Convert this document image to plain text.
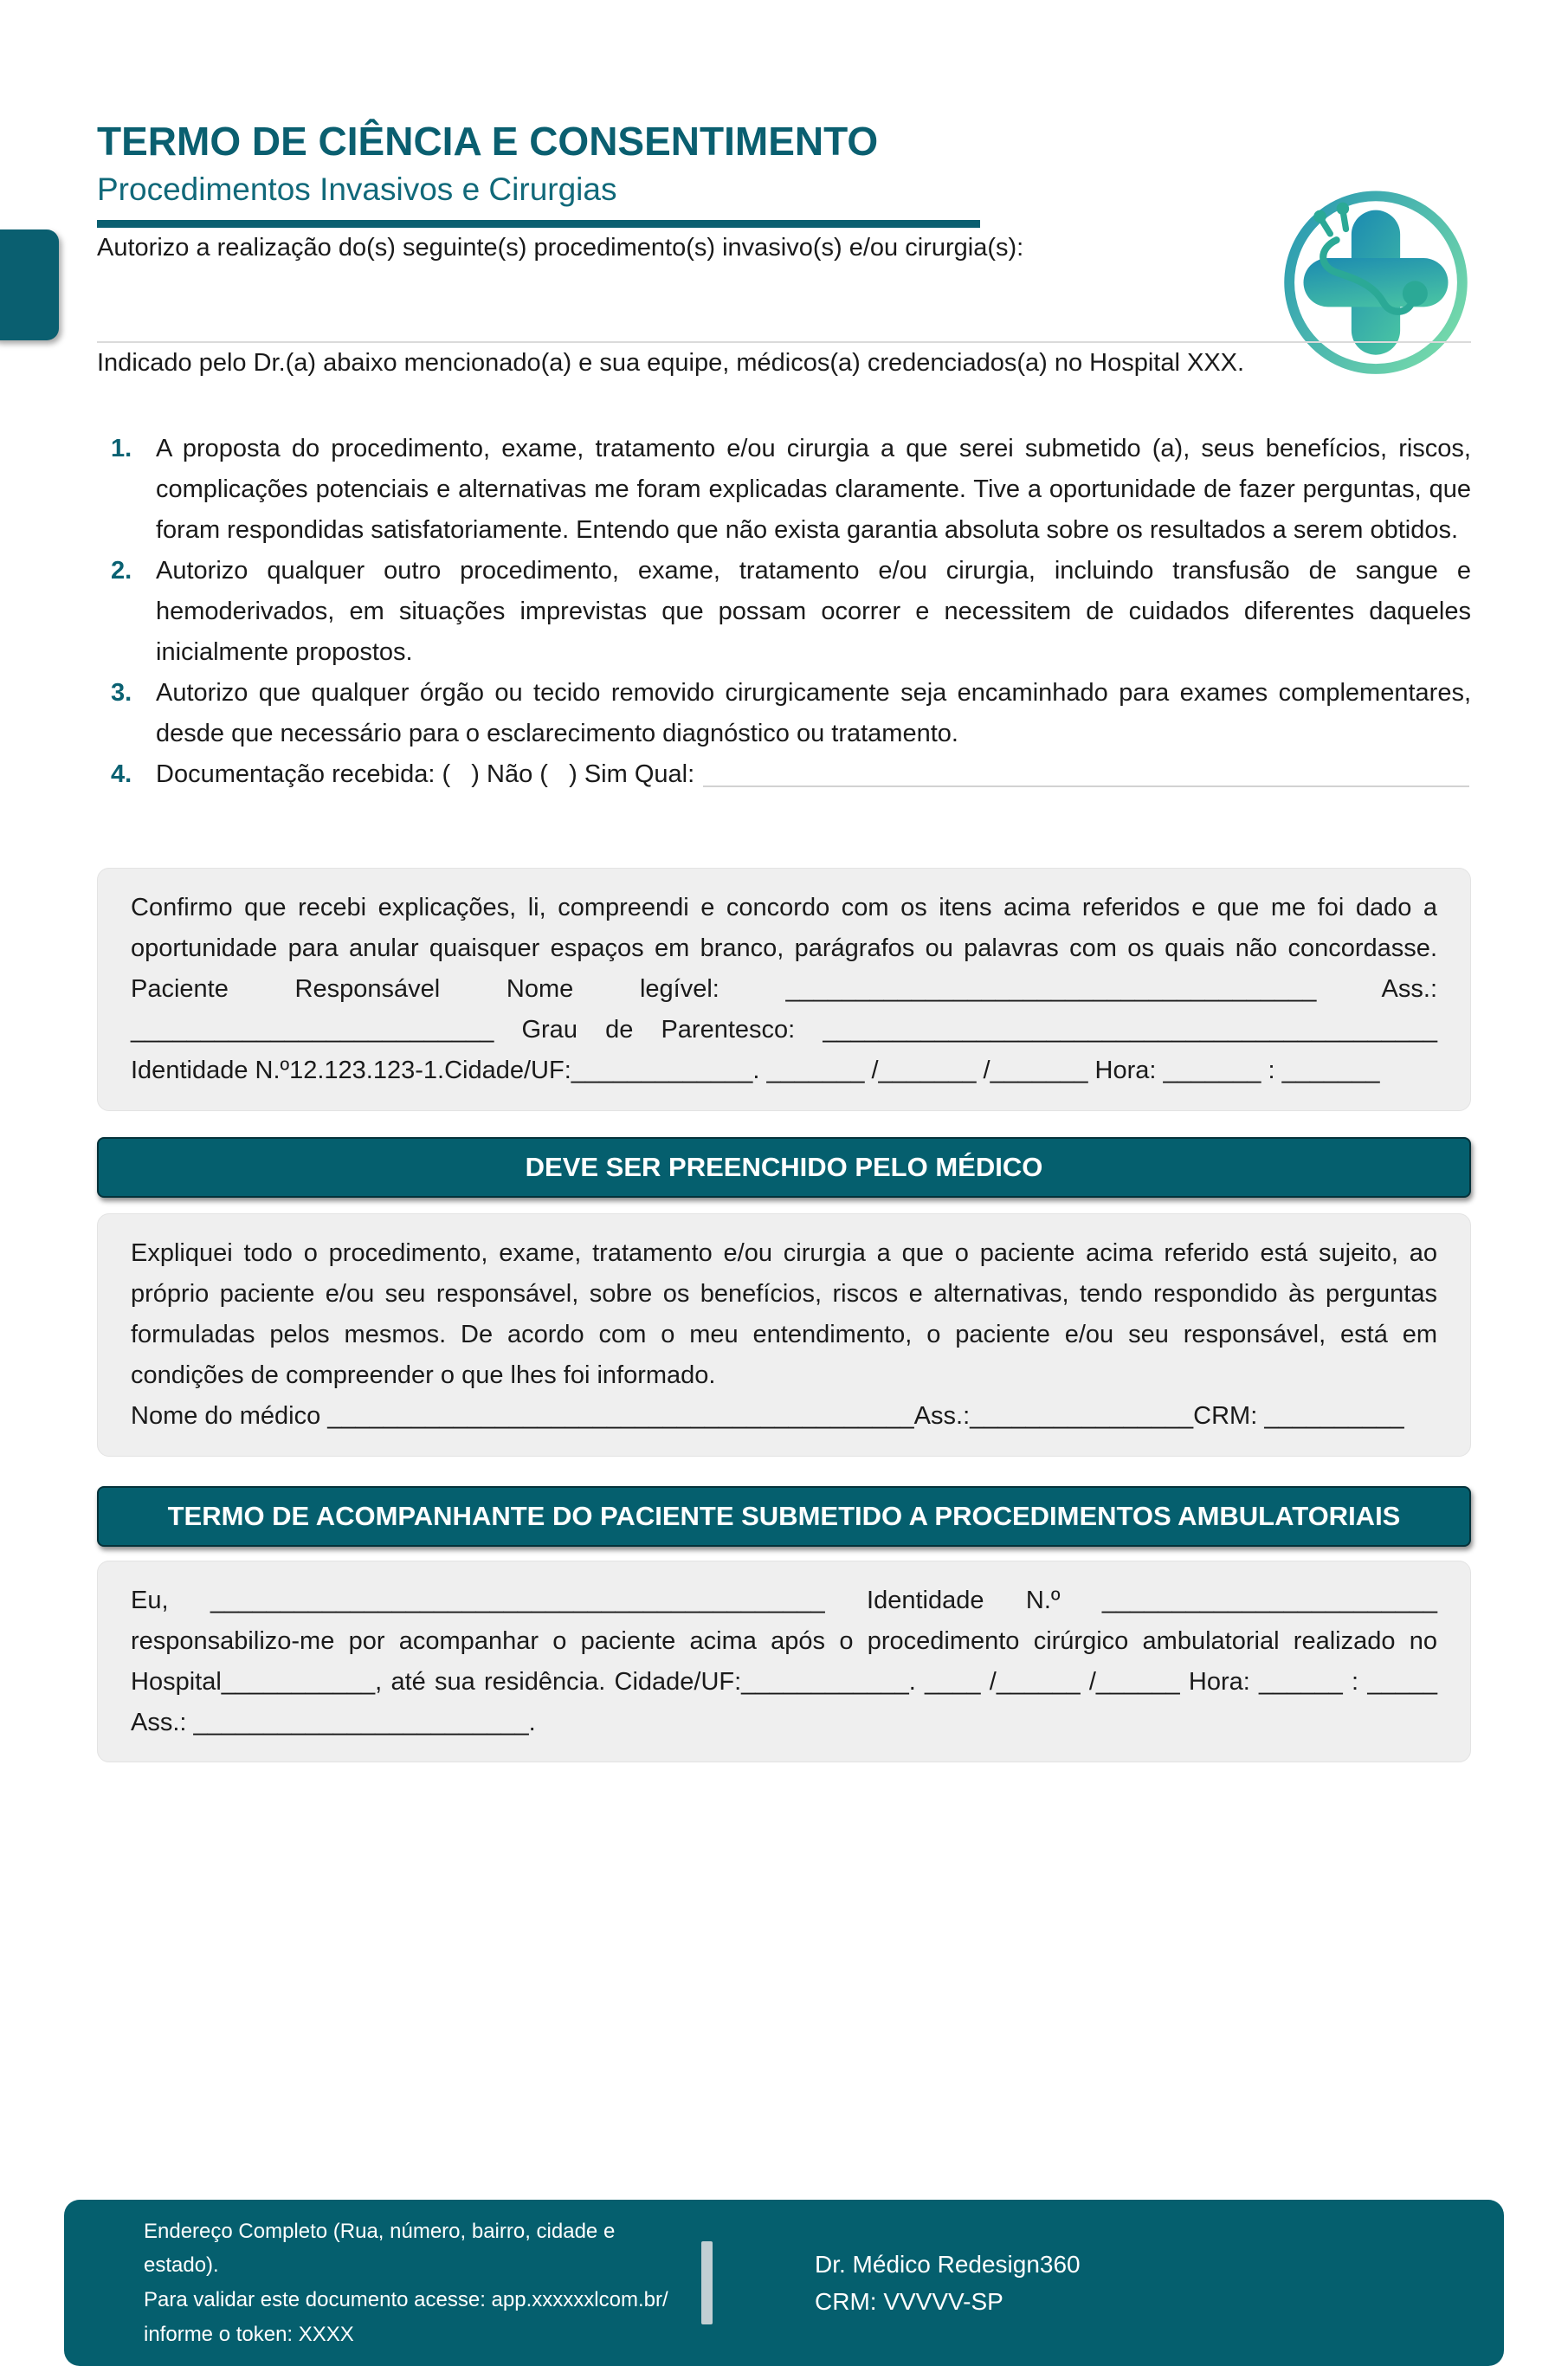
TERMO DE CIÊNCIA E CONSENTIMENTO
Procedimentos Invasivos e Cirurgias

Autorizo a realização do(s) seguinte(s) procedimento(s) invasivo(s) e/ou cirurgia(s):

Indicado pelo Dr.(a) abaixo mencionado(a) e sua equipe, médicos(a) credenciados(a) no Hospital XXX.

1. A proposta do procedimento, exame, tratamento e/ou cirurgia a que serei submetido (a), seus benefícios, riscos, complicações potenciais e alternativas me foram explicadas claramente. Tive a oportunidade de fazer perguntas, que foram respondidas satisfatoriamente. Entendo que não exista garantia absoluta sobre os resultados a serem obtidos.
2. Autorizo qualquer outro procedimento, exame, tratamento e/ou cirurgia, incluindo transfusão de sangue e hemoderivados, em situações imprevistas que possam ocorrer e necessitem de cuidados diferentes daqueles inicialmente propostos.
3. Autorizo que qualquer órgão ou tecido removido cirurgicamente seja encaminhado para exames complementares, desde que necessário para o esclarecimento diagnóstico ou tratamento.
4. Documentação recebida: (   ) Não (   ) Sim Qual:

Confirmo que recebi explicações, li, compreendi e concordo com os itens acima referidos e que me foi dado a oportunidade para anular quaisquer espaços em branco, parágrafos ou palavras com os quais não concordasse.

Paciente Responsável Nome legível: ______________________________________ Ass.: __________________________ Grau de Parentesco: ____________________________________________ Identidade N.º12.123.123-1.Cidade/UF:_____________. _______ /_______ /_______ Hora: _______ : _______

DEVE SER PREENCHIDO PELO MÉDICO

Expliquei todo o procedimento, exame, tratamento e/ou cirurgia a que o paciente acima referido está sujeito, ao próprio paciente e/ou seu responsável, sobre os benefícios, riscos e alternativas, tendo respondido às perguntas formuladas pelos mesmos. De acordo com o meu entendimento, o paciente e/ou seu responsável, está em condições de compreender o que lhes foi informado.

Nome do médico __________________________________________Ass.:________________CRM: __________

TERMO DE ACOMPANHANTE DO PACIENTE SUBMETIDO A PROCEDIMENTOS AMBULATORIAIS

Eu, ____________________________________________ Identidade N.º ________________________ responsabilizo-me por acompanhar o paciente acima após o procedimento cirúrgico ambulatorial realizado no Hospital___________, até sua residência. Cidade/UF:____________. ____ /______ /______ Hora: ______ : _____ Ass.: ________________________.

Endereço Completo (Rua, número, bairro, cidade e estado).
Para validar este documento acesse: app.xxxxxxlcom.br/
informe o token: XXXX
Dr. Médico Redesign360
CRM: VVVVV-SP
